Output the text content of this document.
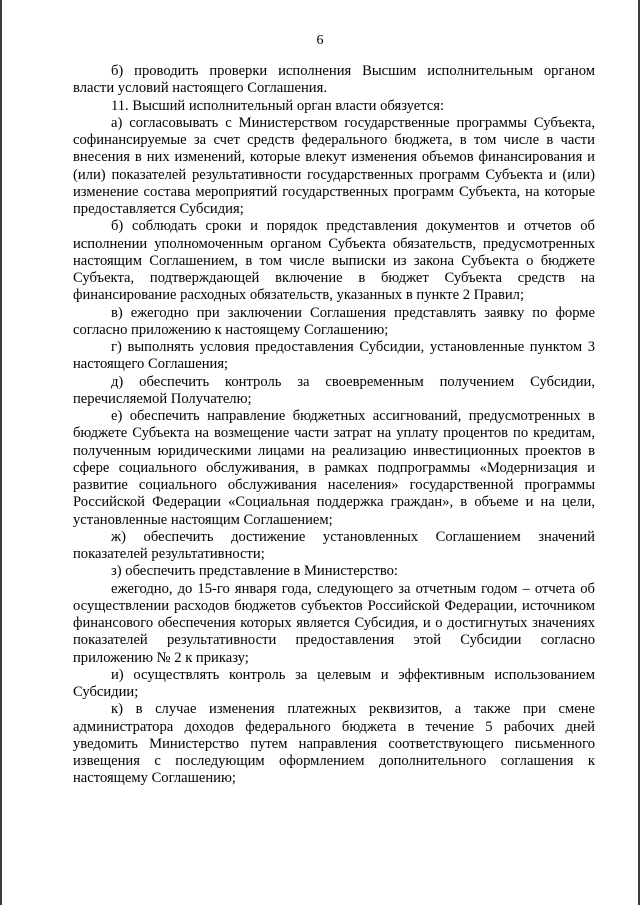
6

б) проводить проверки исполнения Высшим исполнительным органом власти условий настоящего Соглашения.

11. Высший исполнительный орган власти обязуется:

а) согласовывать с Министерством государственные программы Субъекта, софинансируемые за счет средств федерального бюджета, в том числе в части внесения в них изменений, которые влекут изменения объемов финансирования и (или) показателей результативности государственных программ Субъекта и (или) изменение состава мероприятий государственных программ Субъекта, на которые предоставляется Субсидия;

б) соблюдать сроки и порядок представления документов и отчетов об исполнении уполномоченным органом Субъекта обязательств, предусмотренных настоящим Соглашением, в том числе выписки из закона Субъекта о бюджете Субъекта, подтверждающей включение в бюджет Субъекта средств на финансирование расходных обязательств, указанных в пункте 2 Правил;

в) ежегодно при заключении Соглашения представлять заявку по форме согласно приложению к настоящему Соглашению;

г) выполнять условия предоставления Субсидии, установленные пунктом 3 настоящего Соглашения;

д) обеспечить контроль за своевременным получением Субсидии, перечисляемой Получателю;

е) обеспечить направление бюджетных ассигнований, предусмотренных в бюджете Субъекта на возмещение части затрат на уплату процентов по кредитам, полученным юридическими лицами на реализацию инвестиционных проектов в сфере социального обслуживания, в рамках подпрограммы «Модернизация и развитие социального обслуживания населения» государственной программы Российской Федерации «Социальная поддержка граждан», в объеме и на цели, установленные настоящим Соглашением;

ж) обеспечить достижение установленных Соглашением значений показателей результативности;

з) обеспечить представление в Министерство:

ежегодно, до 15-го января года, следующего за отчетным годом – отчета об осуществлении расходов бюджетов субъектов Российской Федерации, источником финансового обеспечения которых является Субсидия, и о достигнутых значениях показателей результативности предоставления этой Субсидии согласно приложению № 2 к приказу;

и) осуществлять контроль за целевым и эффективным использованием Субсидии;

к) в случае изменения платежных реквизитов, а также при смене администратора доходов федерального бюджета в течение 5 рабочих дней уведомить Министерство путем направления соответствующего письменного извещения с последующим оформлением дополнительного соглашения к настоящему Соглашению;
